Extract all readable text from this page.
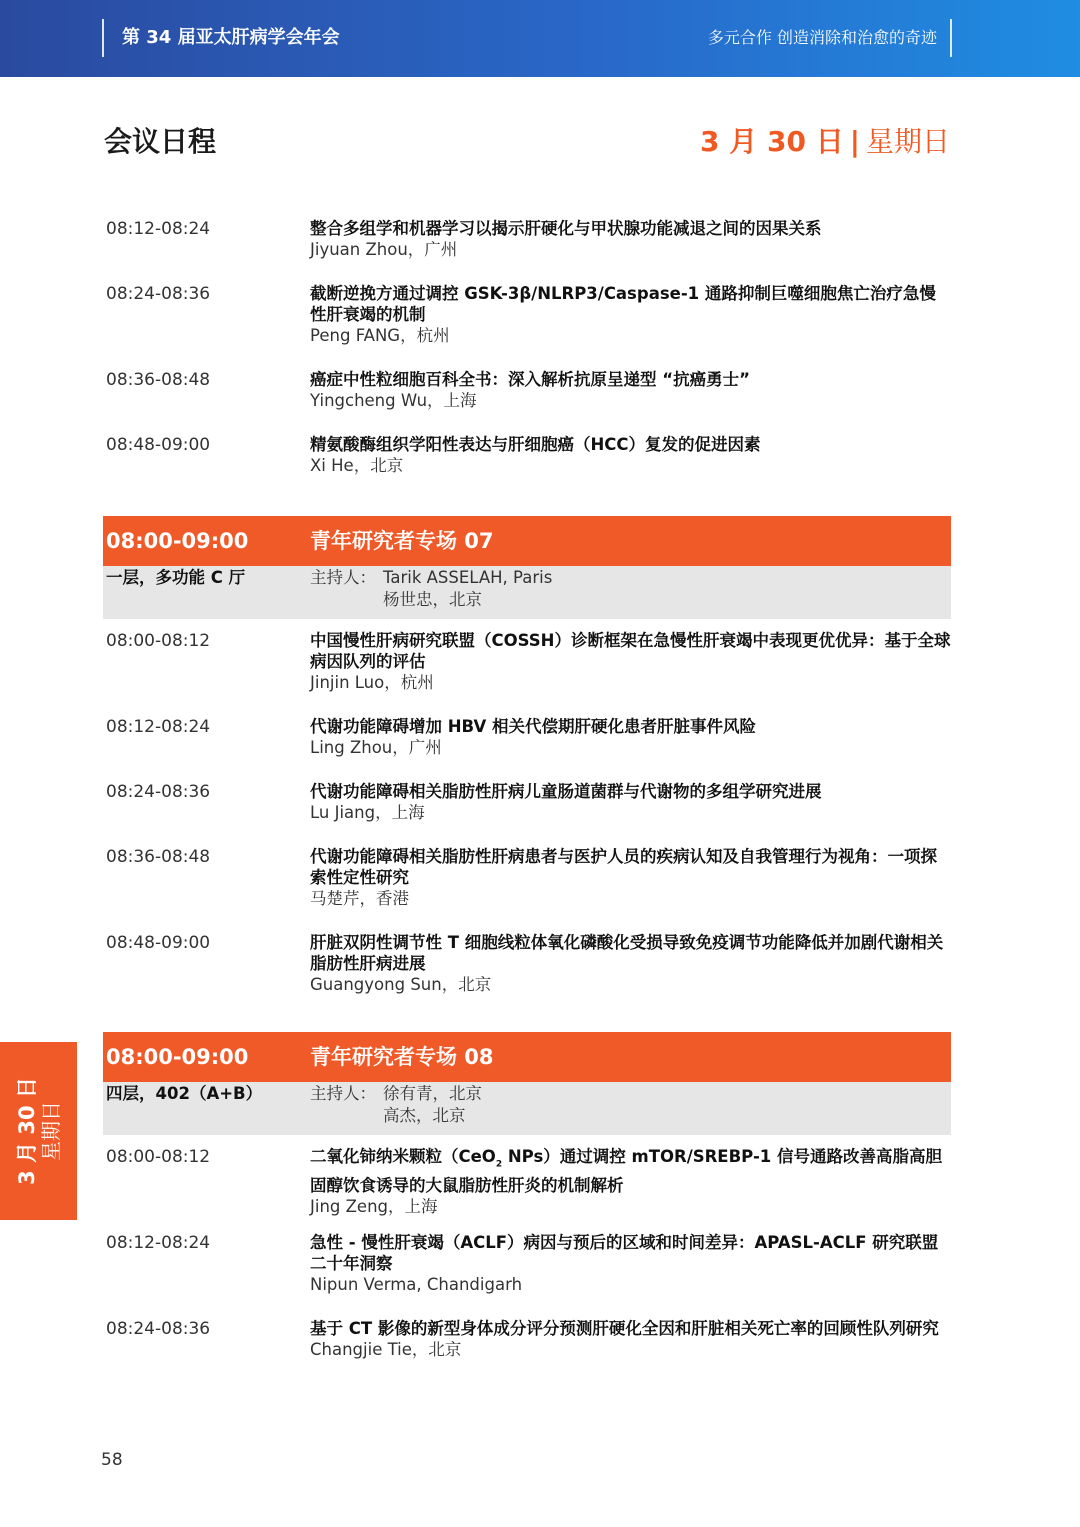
第 34 届亚太肝病学会年会	多元合作 创造消除和治愈的奇迹
会议日程	3 月 30 日 | 星期日
08:12-08:24	整合多组学和机器学习以揭示肝硬化与甲状腺功能减退之间的因果关系
Jiyuan Zhou，广州
08:24-08:36	截断逆挽方通过调控 GSK-3β/NLRP3/Caspase-1 通路抑制巨噬细胞焦亡治疗急慢性肝衰竭的机制
Peng FANG，杭州
08:36-08:48	癌症中性粒细胞百科全书：深入解析抗原呈递型 “抗癌勇士”
Yingcheng Wu，上海
08:48-09:00	精氨酸酶组织学阳性表达与肝细胞癌（HCC）复发的促进因素
Xi He，北京
08:00-09:00	青年研究者专场 07
一层，多功能 C 厅	主持人： Tarik ASSELAH, Paris
杨世忠，北京
08:00-08:12	中国慢性肝病研究联盟（COSSH）诊断框架在急慢性肝衰竭中表现更优优异：基于全球病因队列的评估
Jinjin Luo，杭州
08:12-08:24	代谢功能障碍增加 HBV 相关代偿期肝硬化患者肝脏事件风险
Ling Zhou，广州
08:24-08:36	代谢功能障碍相关脂肪性肝病儿童肠道菌群与代谢物的多组学研究进展
Lu Jiang，上海
08:36-08:48	代谢功能障碍相关脂肪性肝病患者与医护人员的疾病认知及自我管理行为视角：一项探索性定性研究
马楚芹，香港
08:48-09:00	肝脏双阴性调节性 T 细胞线粒体氧化磷酸化受损导致免疫调节功能降低并加剧代谢相关脂肪性肝病进展
Guangyong Sun，北京
08:00-09:00	青年研究者专场 08
四层，402（A+B）	主持人： 徐有青，北京
高杰，北京
08:00-08:12	二氧化铈纳米颗粒（CeO$_2$ NPs）通过调控 mTOR/SREBP-1 信号通路改善高脂高胆固醇饮食诱导的大鼠脂肪性肝炎的机制解析
Jing Zeng，上海
08:12-08:24	急性 - 慢性肝衰竭（ACLF）病因与预后的区域和时间差异：APASL-ACLF 研究联盟二十年洞察
Nipun Verma, Chandigarh
08:24-08:36	基于 CT 影像的新型身体成分评分预测肝硬化全因和肝脏相关死亡率的回顾性队列研究
Changjie Tie，北京
3 月 30 日 星期日
58
